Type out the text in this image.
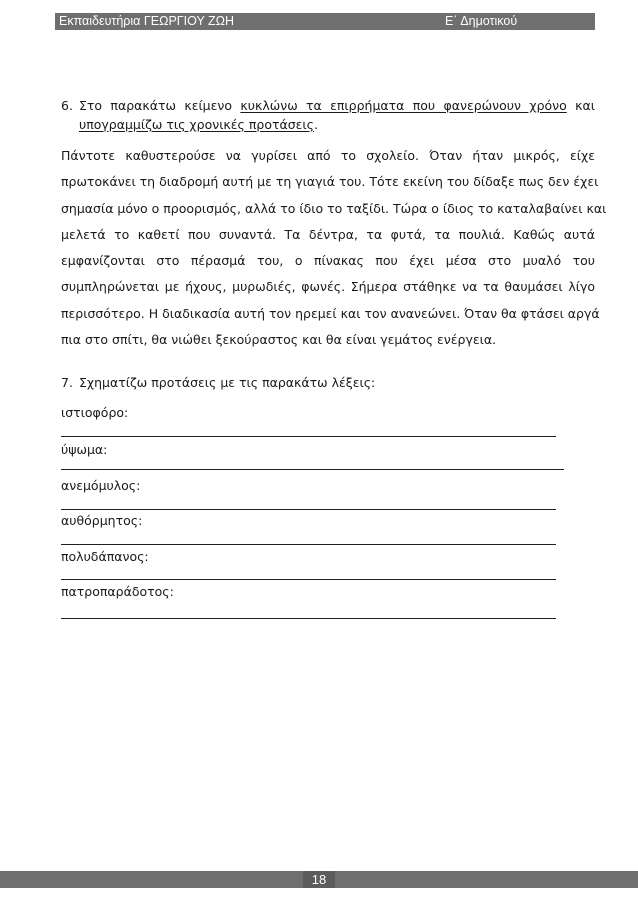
Εκπαιδευτήρια ΓΕΩΡΓΙΟΥ ΖΩΗ	Ε΄ Δημοτικού
6. Στο παρακάτω κείμενο κυκλώνω τα επιρρήματα που φανερώνουν χρόνο και υπογραμμίζω τις χρονικές προτάσεις.
Πάντοτε καθυστερούσε να γυρίσει από το σχολείο. Όταν ήταν μικρός, είχε
πρωτοκάνει τη διαδρομή αυτή με τη γιαγιά του. Τότε εκείνη του δίδαξε πως δεν έχει
σημασία μόνο ο προορισμός, αλλά το ίδιο το ταξίδι. Τώρα ο ίδιος το καταλαβαίνει και
μελετά το καθετί που συναντά. Τα δέντρα, τα φυτά, τα πουλιά. Καθώς αυτά
εμφανίζονται στο πέρασμά του, ο πίνακας που έχει μέσα στο μυαλό του
συμπληρώνεται με ήχους, μυρωδιές, φωνές. Σήμερα στάθηκε να τα θαυμάσει λίγο
περισσότερο. Η διαδικασία αυτή τον ηρεμεί και τον ανανεώνει. Όταν θα φτάσει αργά
πια στο σπίτι, θα νιώθει ξεκούραστος και θα είναι γεμάτος ενέργεια.
7. Σχηματίζω προτάσεις με τις παρακάτω λέξεις:
ιστιοφόρο:
ύψωμα:
ανεμόμυλος:
αυθόρμητος:
πολυδάπανος:
πατροπαράδοτος:
18
